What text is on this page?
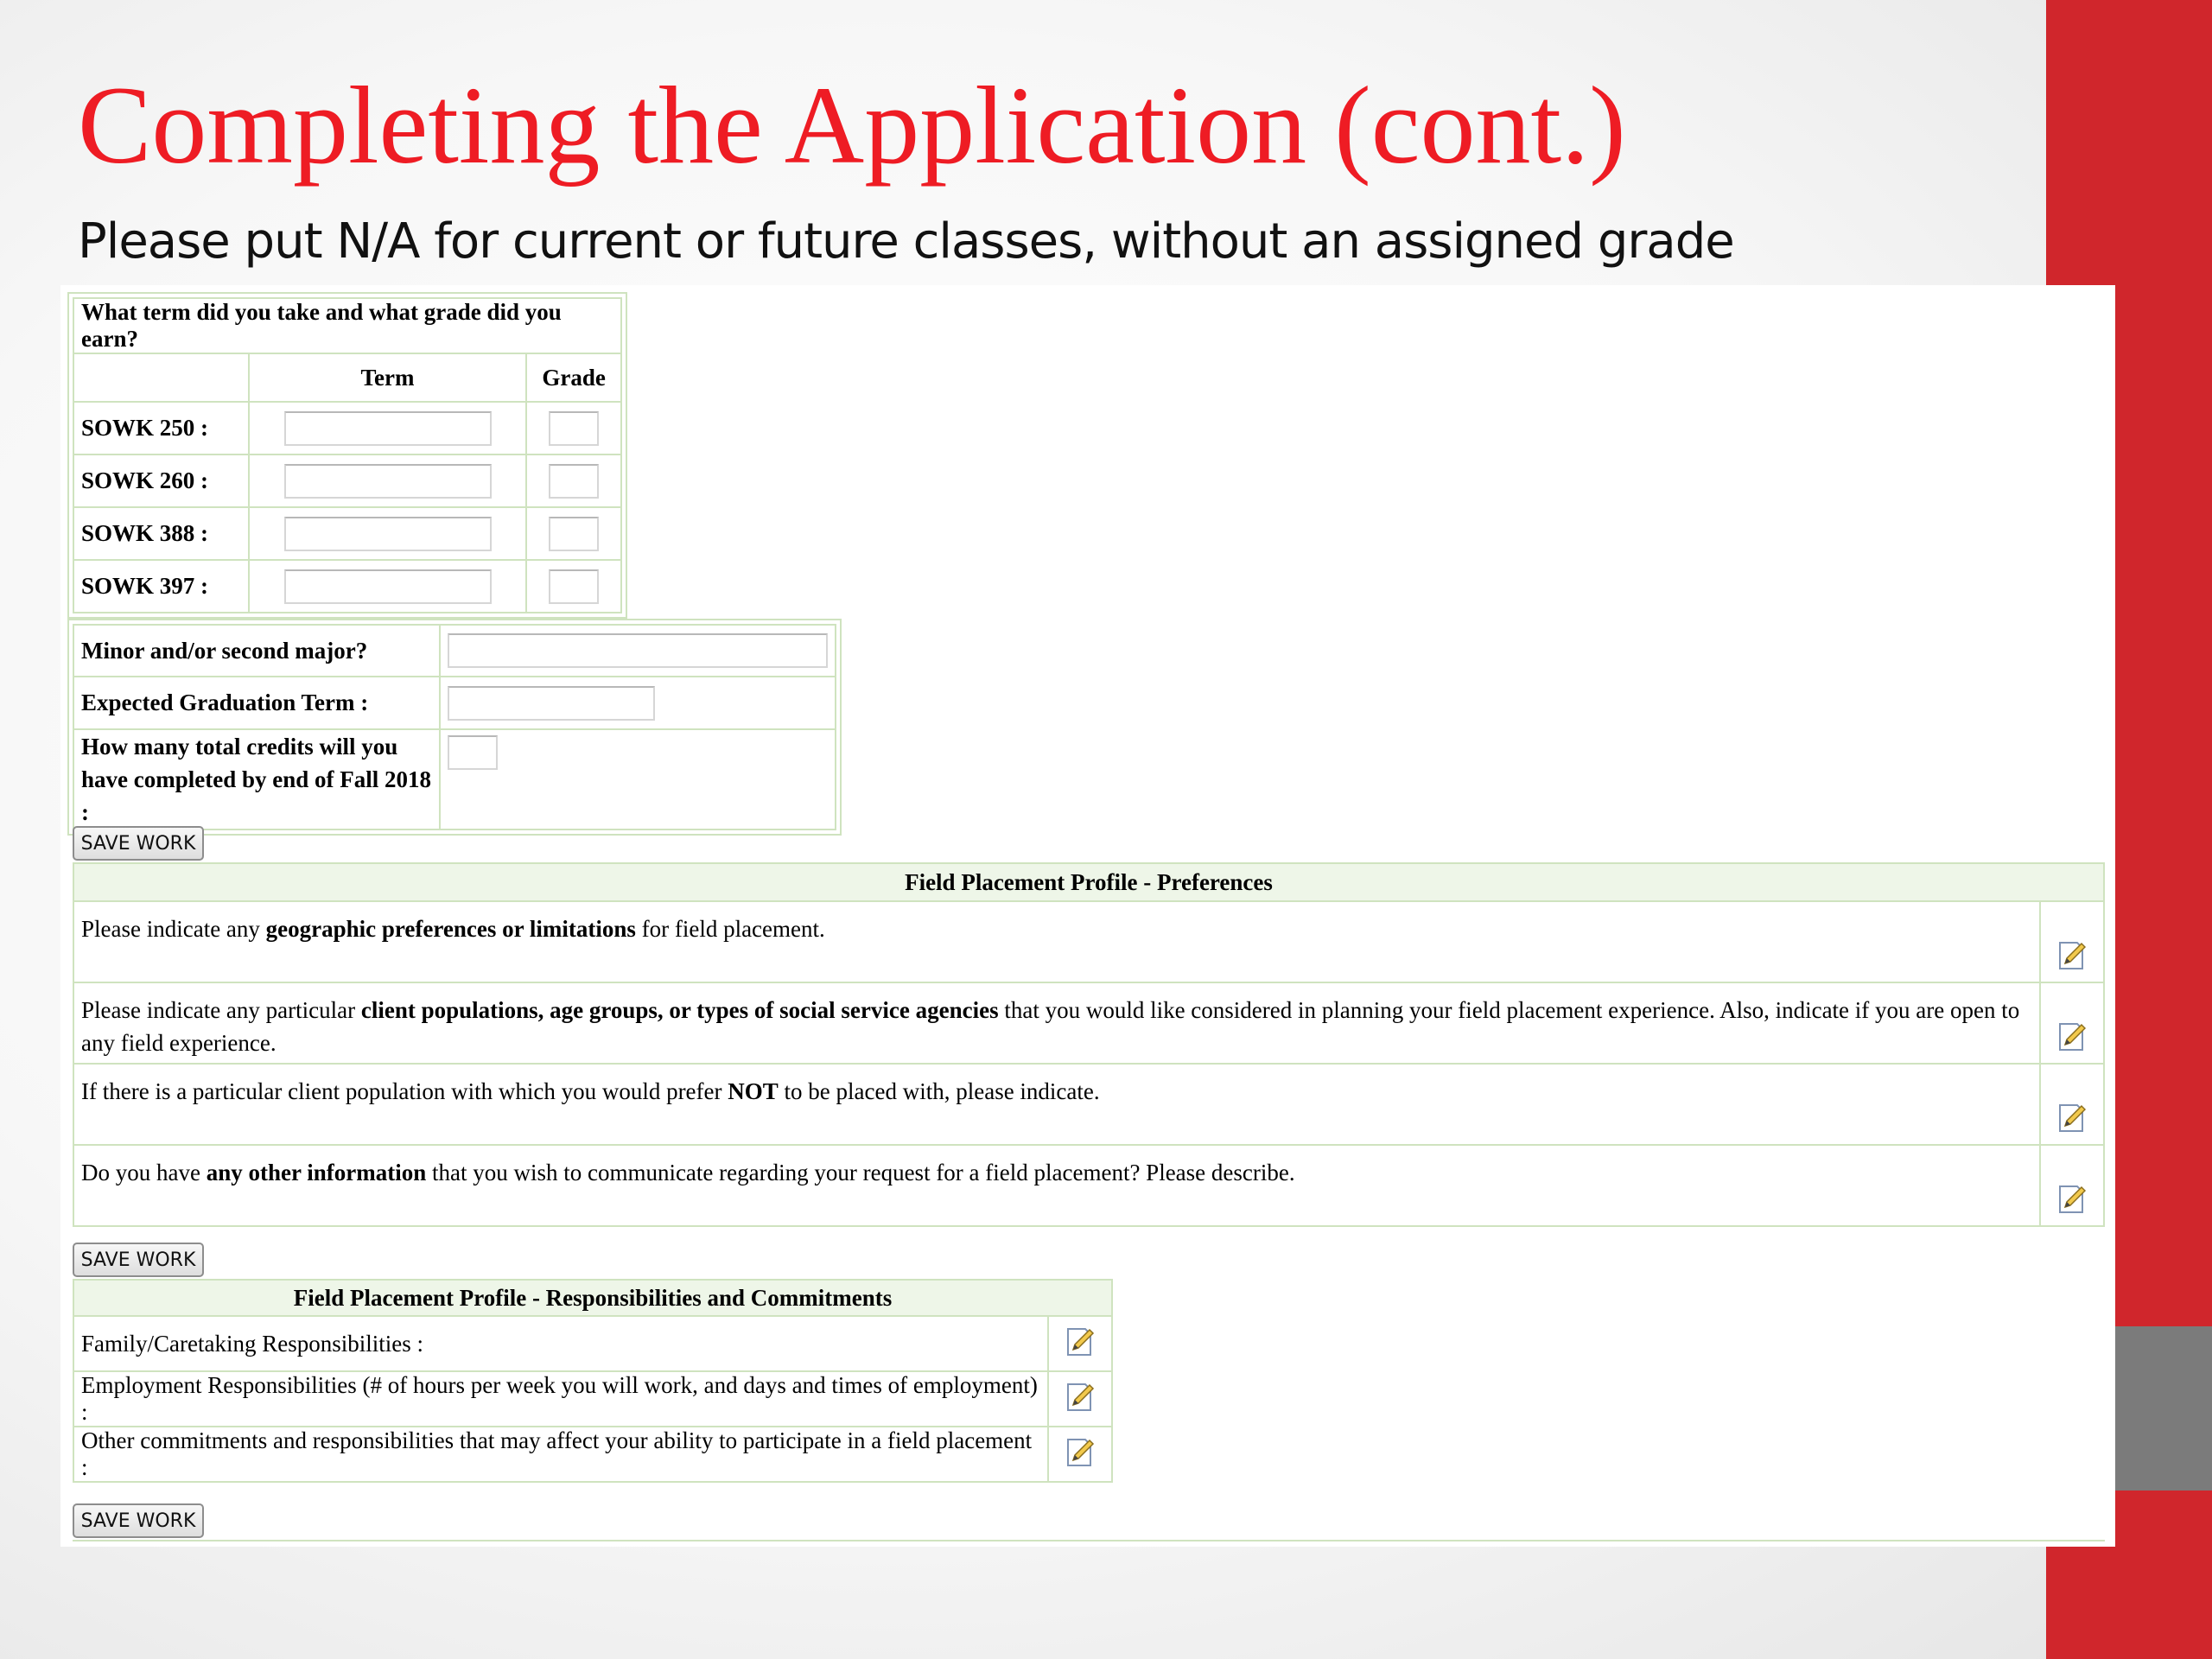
Completing the Application (cont.)

Please put N/A for current or future classes, without an assigned grade

What term did you take and what grade did you earn?		
	Term	Grade
SOWK 250 :	

SOWK 260 :	

SOWK 388 :	

SOWK 397 :	

Minor and/or second major?	

Expected Graduation Term :	

How many total credits will you
have completed by end of Fall 2018 :	
SAVE WORK
Field Placement Profile - Preferences	
Please indicate any geographic preferences or limitations for field placement.	
Please indicate any particular client populations, age groups, or types of social service agencies that you would like considered in planning your field placement experience. Also, indicate if you are open to any field experience.	
If there is a particular client population with which you would prefer NOT to be placed with, please indicate.	
Do you have any other information that you wish to communicate regarding your request for a field placement? Please describe.	
SAVE WORK
Field Placement Profile - Responsibilities and Commitments	
Family/Caretaking Responsibilities :	
Employment Responsibilities (# of hours per week you will work, and days and times of employment) :	
Other commitments and responsibilities that may affect your ability to participate in a field placement :	
SAVE WORK
